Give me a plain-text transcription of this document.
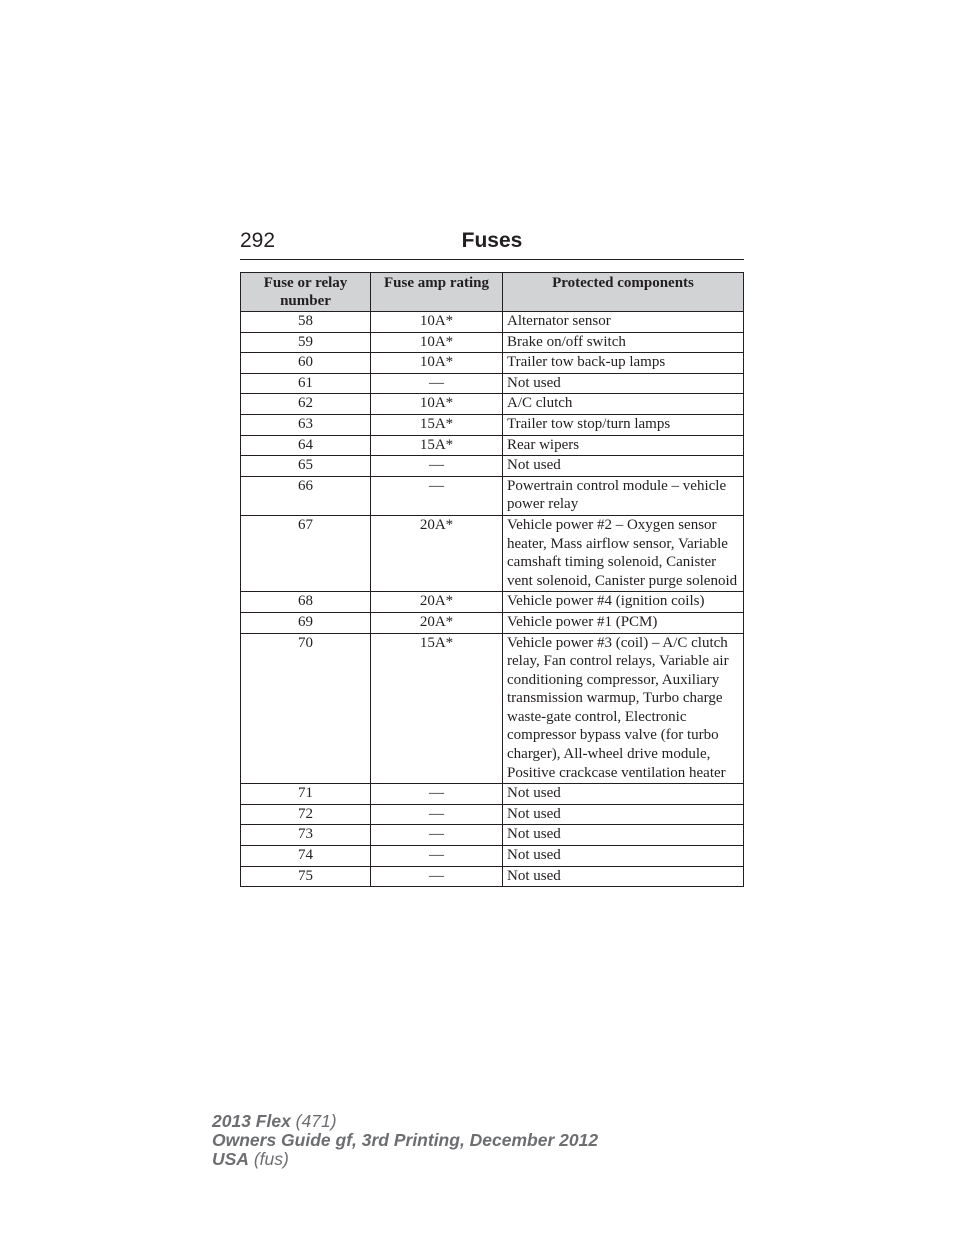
292	Fuses
Fuse or relay number	Fuse amp rating	Protected components
58	10A*	Alternator sensor
59	10A*	Brake on/off switch
60	10A*	Trailer tow back-up lamps
61	—	Not used
62	10A*	A/C clutch
63	15A*	Trailer tow stop/turn lamps
64	15A*	Rear wipers
65	—	Not used
66	—	Powertrain control module – vehicle power relay
67	20A*	Vehicle power #2 – Oxygen sensor heater, Mass airflow sensor, Variable camshaft timing solenoid, Canister vent solenoid, Canister purge solenoid
68	20A*	Vehicle power #4 (ignition coils)
69	20A*	Vehicle power #1 (PCM)
70	15A*	Vehicle power #3 (coil) – A/C clutch relay, Fan control relays, Variable air conditioning compressor, Auxiliary transmission warmup, Turbo charge waste-gate control, Electronic compressor bypass valve (for turbo charger), All-wheel drive module, Positive crackcase ventilation heater
71	—	Not used
72	—	Not used
73	—	Not used
74	—	Not used
75	—	Not used
2013 Flex (471)
Owners Guide gf, 3rd Printing, December 2012
USA (fus)
